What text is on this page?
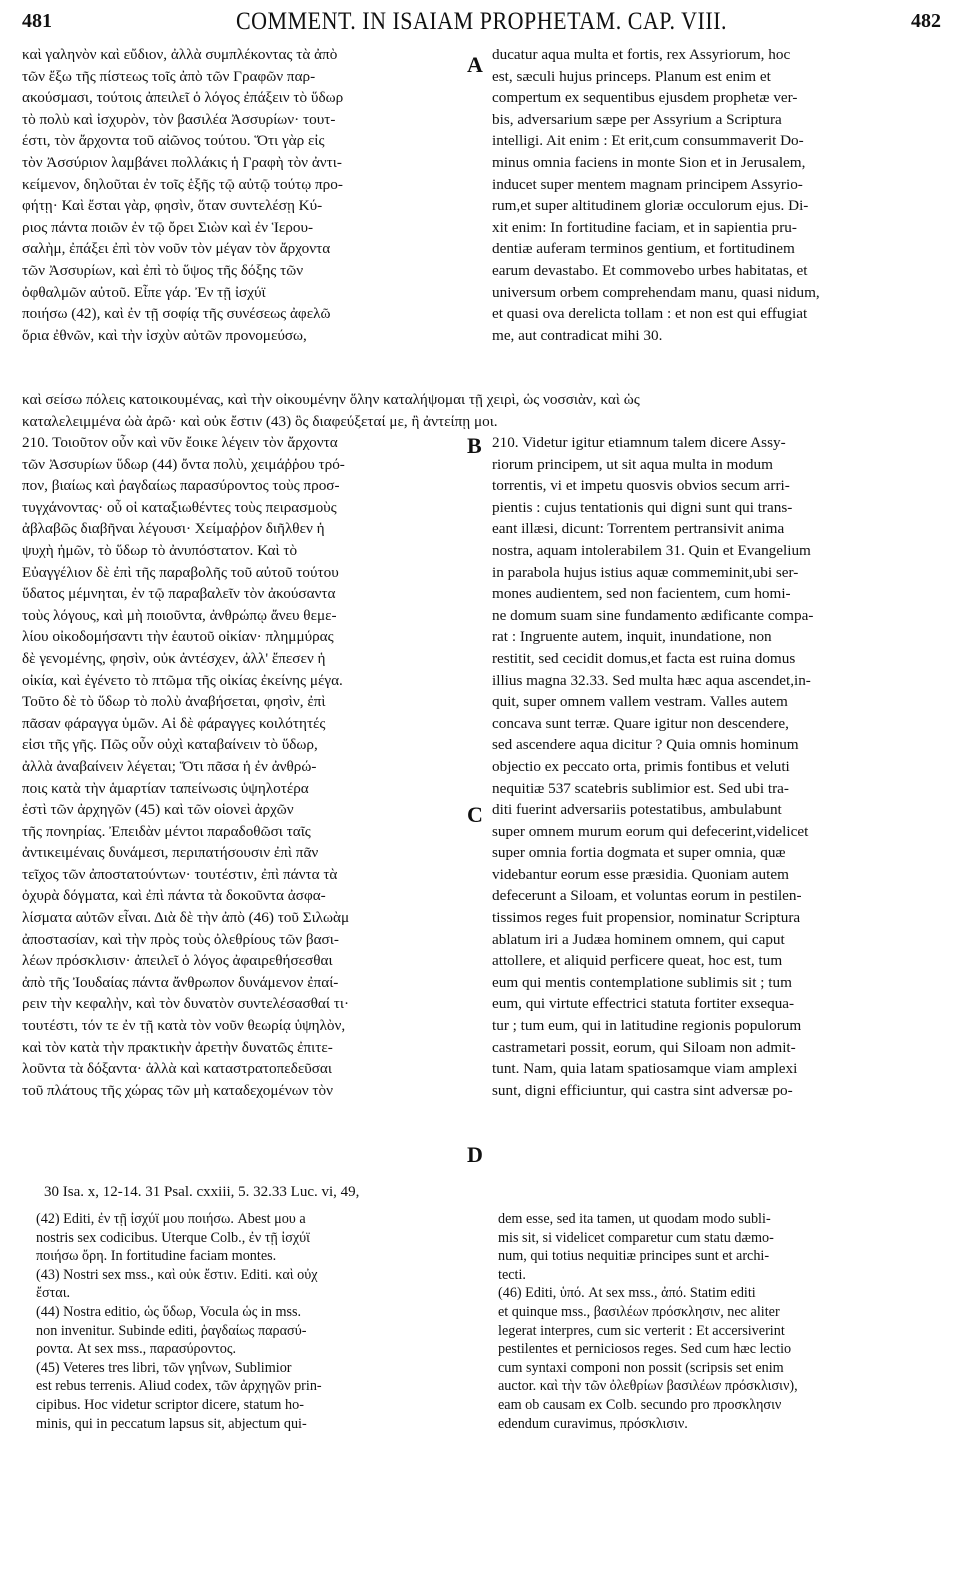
481	COMMENT. IN ISAIAM PROPHETAM. CAP. VIII.	482
καὶ γαληνὸν καὶ εὔδιον, ἀλλὰ συμπλέκοντας τὰ ἀπὸ
τῶν ἔξω τῆς πίστεως τοῖς ἀπὸ τῶν Γραφῶν παρ-
ακούσμασι, τούτοις ἀπειλεῖ ὁ λόγος ἐπάξειν τὸ ὕδωρ
τὸ πολὺ καὶ ἰσχυρὸν, τὸν βασιλέα Ἀσσυρίων· τουτ-
έστι, τὸν ἄρχοντα τοῦ αἰῶνος τούτου. Ὅτι γὰρ εἰς
τὸν Ἀσσύριον λαμβάνει πολλάκις ἡ Γραφὴ τὸν ἀντι-
κείμενον, δηλοῦται ἐν τοῖς ἑξῆς τῷ αὐτῷ τούτῳ προ-
φήτῃ· Καὶ ἔσται γὰρ, φησὶν, ὅταν συντελέσῃ Κύ-
ριος πάντα ποιῶν ἐν τῷ ὄρει Σιὼν καὶ ἐν Ἱερου-
σαλὴμ, ἐπάξει ἐπὶ τὸν νοῦν τὸν μέγαν τὸν ἄρχοντα
τῶν Ἀσσυρίων, καὶ ἐπὶ τὸ ὕψος τῆς δόξης τῶν
ὀφθαλμῶν αὐτοῦ. Εἶπε γάρ. Ἐν τῇ ἰσχύϊ
ποιήσω (42), καὶ ἐν τῇ σοφίᾳ τῆς συνέσεως ἀφελῶ
ὅρια ἐθνῶν, καὶ τὴν ἰσχὺν αὐτῶν προνομεύσω,
καὶ σείσω πόλεις κατοικουμένας, καὶ τὴν οἰκουμένην ὅλην καταλήψομαι τῇ χειρὶ, ὡς νοσσιὰν, καὶ ὡς
καταλελειμμένα ὠὰ ἀρῶ· καὶ οὐκ ἔστιν (43) ὃς διαφεύξεταί με, ἢ ἀντείπῃ μοι.
210. Τοιοῦτον οὖν καὶ νῦν ἔοικε λέγειν τὸν ἄρχοντα
τῶν Ἀσσυρίων ὕδωρ (44) ὄντα πολὺ, χειμάῤῥου τρό-
πον, βιαίως καὶ ῥαγδαίως παρασύροντος τοὺς προσ-
τυγχάνοντας· οὗ οἱ καταξιωθέντες τοὺς πειρασμοὺς
ἀβλαβῶς διαβῆναι λέγουσι· Χείμαῤῥον διῆλθεν ἡ
ψυχὴ ἡμῶν, τὸ ὕδωρ τὸ ἀνυπόστατον. Καὶ τὸ
Εὐαγγέλιον δὲ ἐπὶ τῆς παραβολῆς τοῦ αὐτοῦ τούτου
ὕδατος μέμνηται, ἐν τῷ παραβαλεῖν τὸν ἀκούσαντα
τοὺς λόγους, καὶ μὴ ποιοῦντα, ἀνθρώπῳ ἄνευ θεμε-
λίου οἰκοδομήσαντι τὴν ἑαυτοῦ οἰκίαν· πλημμύρας
δὲ γενομένης, φησὶν, οὐκ ἀντέσχεν, ἀλλ' ἔπεσεν ἡ
οἰκία, καὶ ἐγένετο τὸ πτῶμα τῆς οἰκίας ἐκείνης μέγα.
Τοῦτο δὲ τὸ ὕδωρ τὸ πολὺ ἀναβήσεται, φησὶν, ἐπὶ
πᾶσαν φάραγγα ὑμῶν. Αἱ δὲ φάραγγες κοιλότητές
εἰσι τῆς γῆς. Πῶς οὖν οὐχὶ καταβαίνειν τὸ ὕδωρ,
ἀλλὰ ἀναβαίνειν λέγεται; Ὅτι πᾶσα ἡ ἐν ἀνθρώ-
ποις κατὰ τὴν ἁμαρτίαν ταπείνωσις ὑψηλοτέρα
ἐστὶ τῶν ἀρχηγῶν (45) καὶ τῶν οἱονεὶ ἀρχῶν
τῆς πονηρίας. Ἐπειδὰν μέντοι παραδοθῶσι ταῖς
ἀντικειμέναις δυνάμεσι, περιπατήσουσιν ἐπὶ πᾶν
τεῖχος τῶν ἀποστατούντων· τουτέστιν, ἐπὶ πάντα τὰ
ὀχυρὰ δόγματα, καὶ ἐπὶ πάντα τὰ δοκοῦντα ἀσφα-
λίσματα αὐτῶν εἶναι. Διὰ δὲ τὴν ἀπὸ (46) τοῦ Σιλωὰμ
ἀποστασίαν, καὶ τὴν πρὸς τοὺς ὀλεθρίους τῶν βασι-
λέων πρόσκλισιν· ἀπειλεῖ ὁ λόγος ἀφαιρεθήσεσθαι
ἀπὸ τῆς Ἰουδαίας πάντα ἄνθρωπον δυνάμενον ἐπαί-
ρειν τὴν κεφαλὴν, καὶ τὸν δυνατὸν συντελέσασθαί τι·
τουτέστι, τόν τε ἐν τῇ κατὰ τὸν νοῦν θεωρίᾳ ὑψηλὸν,
καὶ τὸν κατὰ τὴν πρακτικὴν ἀρετὴν δυνατῶς ἐπιτε-
λοῦντα τὰ δόξαντα· ἀλλὰ καὶ καταστρατοπεδεῦσαι
τοῦ πλάτους τῆς χώρας τῶν μὴ καταδεχομένων τὸν
ducatur aqua multa et fortis, rex Assyriorum, hoc
est, sæculi hujus princeps. Planum est enim et
compertum ex sequentibus ejusdem prophetæ ver-
bis, adversarium sæpe per Assyrium a Scriptura
intelligi. Ait enim : Et erit,cum consummaverit Do-
minus omnia faciens in monte Sion et in Jerusalem,
inducet super mentem magnam principem Assyrio-
rum,et super altitudinem gloriæ occulorum ejus. Di-
xit enim: In fortitudine faciam, et in sapientia pru-
dentiæ auferam terminos gentium, et fortitudinem
earum devastabo. Et commovebo urbes habitatas, et
universum orbem comprehendam manu, quasi nidum,
et quasi ova derelicta tollam : et non est qui effugiat
me, aut contradicat mihi 30.
210. Videtur igitur etiamnum talem dicere Assy-
riorum principem, ut sit aqua multa in modum
torrentis, vi et impetu quosvis obvios secum arri-
pientis : cujus tentationis qui digni sunt qui trans-
eant illæsi, dicunt: Torrentem pertransivit anima
nostra, aquam intolerabilem 31. Quin et Evangelium
in parabola hujus istius aquæ commeminit,ubi ser-
mones audientem, sed non facientem, cum homi-
ne domum suam sine fundamento ædificante compa-
rat : Ingruente autem, inquit, inundatione, non
restitit, sed cecidit domus,et facta est ruina domus
illius magna 32.33. Sed multa hæc aqua ascendet,in-
quit, super omnem vallem vestram. Valles autem
concava sunt terræ. Quare igitur non descendere,
sed ascendere aqua dicitur ? Quia omnis hominum
objectio ex peccato orta, primis fontibus et veluti
nequitiæ 537 scatebris sublimior est. Sed ubi tra-
diti fuerint adversariis potestatibus, ambulabunt
super omnem murum eorum qui defecerint,videlicet
super omnia fortia dogmata et super omnia, quæ
videbantur eorum esse præsidia. Quoniam autem
defecerunt a Siloam, et voluntas eorum in pestilen-
tissimos reges fuit propensior, nominatur Scriptura
ablatum iri a Judæa hominem omnem, qui caput
attollere, et aliquid perficere queat, hoc est, tum
eum qui mentis contemplatione sublimis sit ; tum
eum, qui virtute effectrici statuta fortiter exsequa-
tur ; tum eum, qui in latitudine regionis populorum
castrametari possit, eorum, qui Siloam non admit-
tunt. Nam, quia latam spatiosamque viam amplexi
sunt, digni efficiuntur, qui castra sint adversæ po-
A
B
C
D
30 Isa. x, 12-14. 31 Psal. cxxiii, 5. 32.33 Luc. vi, 49,
(42) Editi, ἐν τῇ ἰσχύϊ μου ποιήσω. Abest μου a
nostris sex codicibus. Uterque Colb., ἐν τῇ ἰσχύϊ
ποιήσω ὄρη. In fortitudine faciam montes.
(43) Nostri sex mss., καὶ οὐκ ἔστιν. Editi. καὶ οὐχ
ἔσται.
(44) Nostra editio, ὡς ὕδωρ, Vocula ὡς in mss.
non invenitur. Subinde editi, ῥαγδαίως παρασύ-
ροντα. At sex mss., παρασύροντος.
(45) Veteres tres libri, τῶν γηΐνων, Sublimior
est rebus terrenis. Aliud codex, τῶν ἀρχηγῶν prin-
cipibus. Hoc videtur scriptor dicere, statum ho-
minis, qui in peccatum lapsus sit, abjectum qui-
dem esse, sed ita tamen, ut quodam modo subli-
mis sit, si videlicet comparetur cum statu dæmo-
num, qui totius nequitiæ principes sunt et archi-
tecti.
(46) Editi, ὑπό. At sex mss., ἀπό. Statim editi
et quinque mss., βασιλέων πρόσκλησιν, nec aliter
legerat interpres, cum sic verterit : Et accersiverint
pestilentes et perniciosos reges. Sed cum hæc lectio
cum syntaxi componi non possit (scripsis set enim
auctor. καὶ τὴν τῶν ὀλεθρίων βασιλέων πρόσκλισιν),
eam ob causam ex Colb. secundo pro προσκλησιν
edendum curavimus, πρόσκλισιν.
